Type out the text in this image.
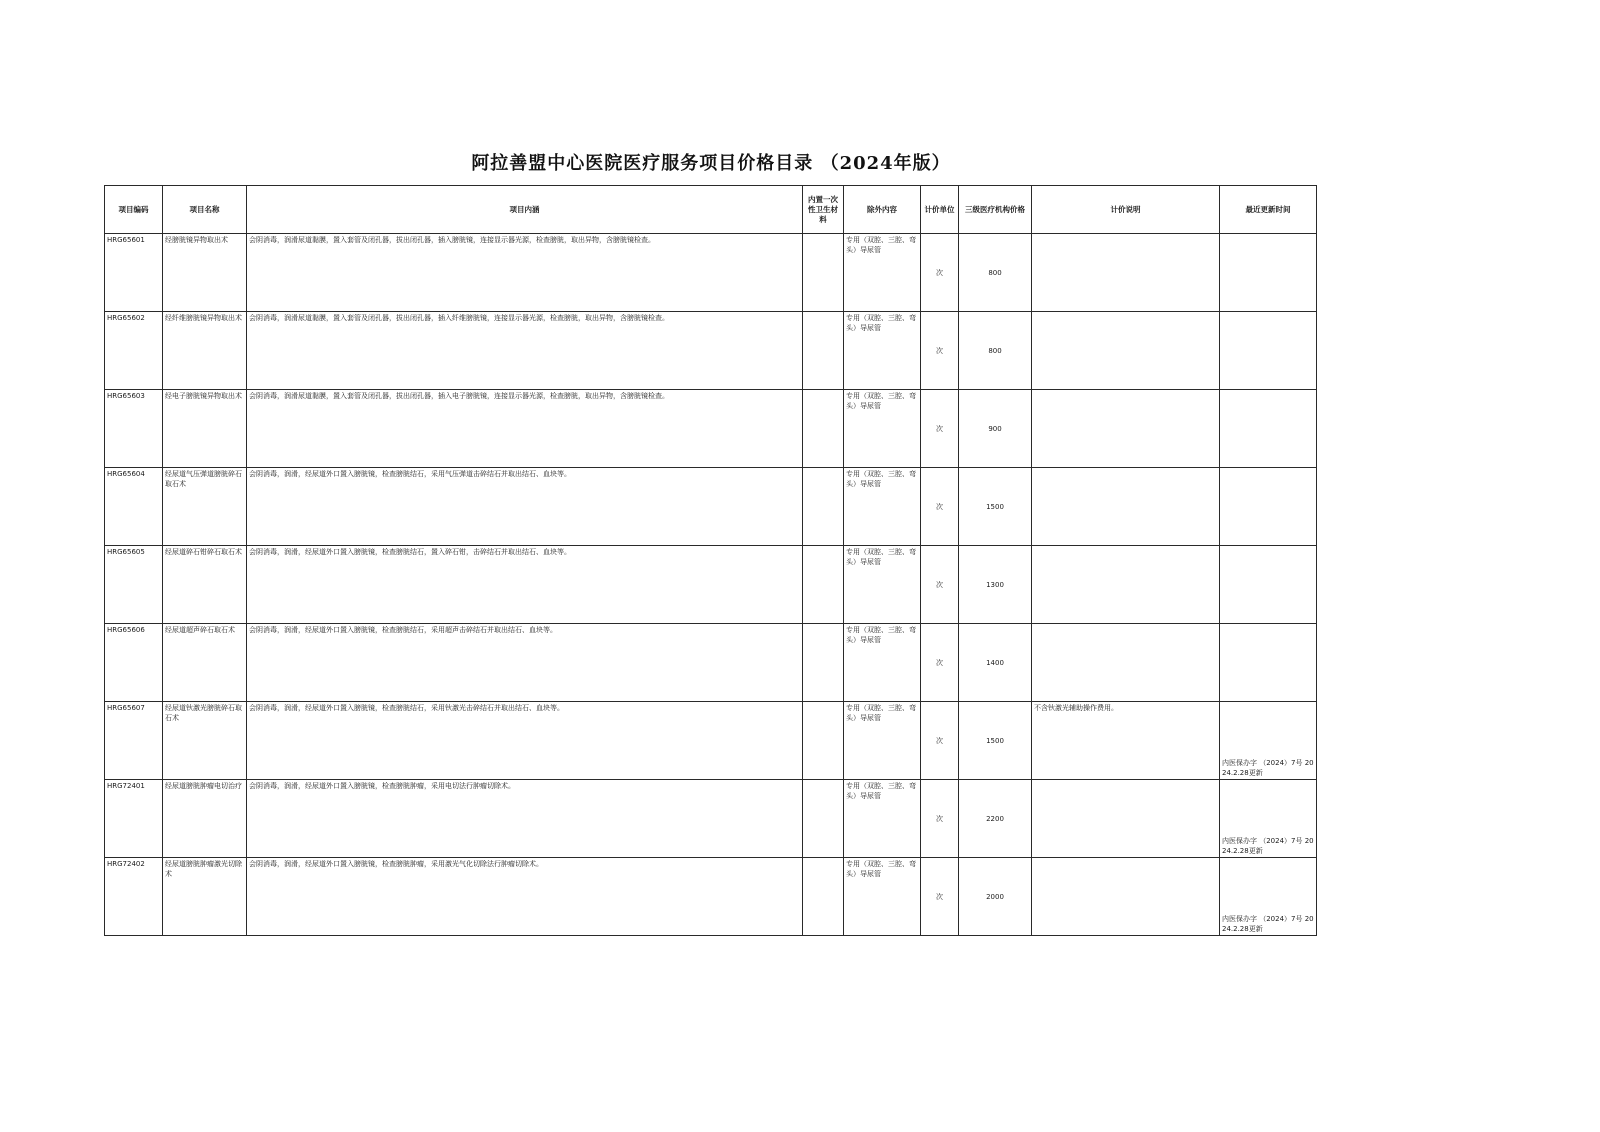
阿拉善盟中心医院医疗服务项目价格目录 （2024年版）
项目编码	项目名称	项目内涵	内置一次性卫生材料	除外内容	计价单位	三级医疗机构价格	计价说明	最近更新时间
HRG65601	经膀胱镜异物取出术	会阴消毒，润滑尿道黏膜，置入套管及闭孔器，拔出闭孔器，插入膀胱镜，连接显示器光源，检查膀胱，取出异物，含膀胱镜检查。		专用（双腔、三腔、弯头）导尿管	次	800		
HRG65602	经纤维膀胱镜异物取出术	会阴消毒，润滑尿道黏膜，置入套管及闭孔器，拔出闭孔器，插入纤维膀胱镜，连接显示器光源，检查膀胱，取出异物，含膀胱镜检查。		专用（双腔、三腔、弯头）导尿管	次	800		
HRG65603	经电子膀胱镜异物取出术	会阴消毒，润滑尿道黏膜，置入套管及闭孔器，拔出闭孔器，插入电子膀胱镜，连接显示器光源，检查膀胱，取出异物，含膀胱镜检查。		专用（双腔、三腔、弯头）导尿管	次	900		
HRG65604	经尿道气压弹道膀胱碎石取石术	会阴消毒，润滑，经尿道外口置入膀胱镜，检查膀胱结石，采用气压弹道击碎结石并取出结石、血块等。		专用（双腔、三腔、弯头）导尿管	次	1500		
HRG65605	经尿道碎石钳碎石取石术	会阴消毒，润滑，经尿道外口置入膀胱镜，检查膀胱结石，置入碎石钳，击碎结石并取出结石、血块等。		专用（双腔、三腔、弯头）导尿管	次	1300		
HRG65606	经尿道超声碎石取石术	会阴消毒，润滑，经尿道外口置入膀胱镜，检查膀胱结石，采用超声击碎结石并取出结石、血块等。		专用（双腔、三腔、弯头）导尿管	次	1400		
HRG65607	经尿道钬激光膀胱碎石取石术	会阴消毒，润滑，经尿道外口置入膀胱镜，检查膀胱结石，采用钬激光击碎结石并取出结石、血块等。		专用（双腔、三腔、弯头）导尿管	次	1500	不含钬激光辅助操作费用。	内医保办字 （2024）7号 2024.2.28更新
HRG72401	经尿道膀胱肿瘤电切治疗	会阴消毒，润滑，经尿道外口置入膀胱镜，检查膀胱肿瘤，采用电切法行肿瘤切除术。		专用（双腔、三腔、弯头）导尿管	次	2200		内医保办字 （2024）7号 2024.2.28更新
HRG72402	经尿道膀胱肿瘤激光切除术	会阴消毒，润滑，经尿道外口置入膀胱镜，检查膀胱肿瘤，采用激光气化切除法行肿瘤切除术。		专用（双腔、三腔、弯头）导尿管	次	2000		内医保办字 （2024）7号 2024.2.28更新
